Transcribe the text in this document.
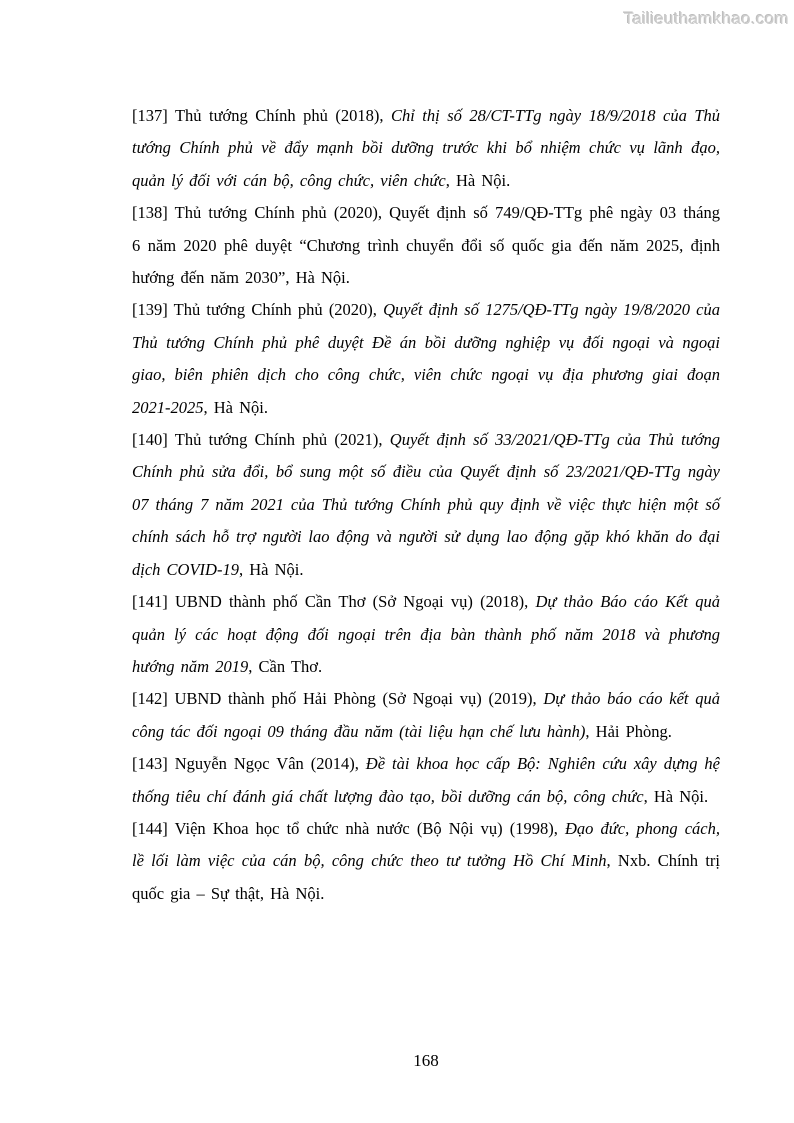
Tailieuthamkhao.com

[137] Thủ tướng Chính phủ (2018), Chỉ thị số 28/CT-TTg ngày 18/9/2018 của Thủ tướng Chính phủ về đẩy mạnh bồi dưỡng trước khi bổ nhiệm chức vụ lãnh đạo, quản lý đối với cán bộ, công chức, viên chức, Hà Nội.

[138] Thủ tướng Chính phủ (2020), Quyết định số 749/QĐ-TTg phê ngày 03 tháng 6 năm 2020 phê duyệt “Chương trình chuyển đổi số quốc gia đến năm 2025, định hướng đến năm 2030”, Hà Nội.

[139] Thủ tướng Chính phủ (2020), Quyết định số 1275/QĐ-TTg ngày 19/8/2020 của Thủ tướng Chính phủ phê duyệt Đề án bồi dưỡng nghiệp vụ đối ngoại và ngoại giao, biên phiên dịch cho công chức, viên chức ngoại vụ địa phương giai đoạn 2021-2025, Hà Nội.

[140] Thủ tướng Chính phủ (2021), Quyết định số 33/2021/QĐ-TTg của Thủ tướng Chính phủ sửa đổi, bổ sung một số điều của Quyết định số 23/2021/QĐ-TTg ngày 07 tháng 7 năm 2021 của Thủ tướng Chính phủ quy định về việc thực hiện một số chính sách hỗ trợ người lao động và người sử dụng lao động gặp khó khăn do đại dịch COVID-19, Hà Nội.

[141] UBND thành phố Cần Thơ (Sở Ngoại vụ) (2018), Dự thảo Báo cáo Kết quả quản lý các hoạt động đối ngoại trên địa bàn thành phố năm 2018 và phương hướng năm 2019, Cần Thơ.

[142] UBND thành phố Hải Phòng (Sở Ngoại vụ) (2019), Dự thảo báo cáo kết quả công tác đối ngoại 09 tháng đầu năm (tài liệu hạn chế lưu hành), Hải Phòng.

[143] Nguyễn Ngọc Vân (2014), Đề tài khoa học cấp Bộ: Nghiên cứu xây dựng hệ thống tiêu chí đánh giá chất lượng đào tạo, bồi dưỡng cán bộ, công chức, Hà Nội.

[144] Viện Khoa học tổ chức nhà nước (Bộ Nội vụ) (1998), Đạo đức, phong cách, lề lối làm việc của cán bộ, công chức theo tư tưởng Hồ Chí Minh, Nxb. Chính trị quốc gia – Sự thật, Hà Nội.

168
